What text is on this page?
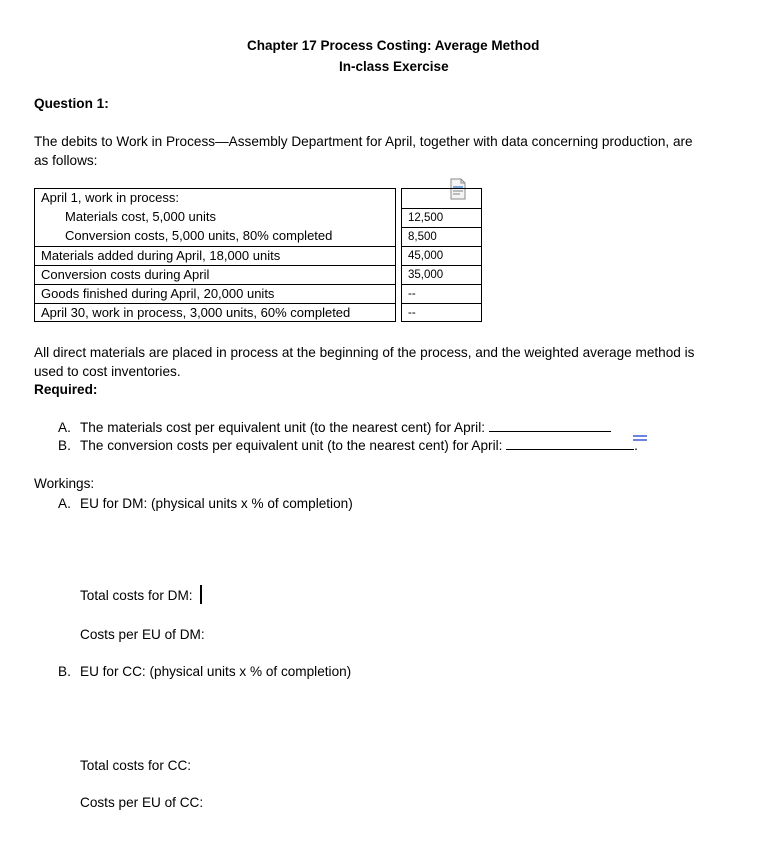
Chapter 17 Process Costing: Average Method
In-class Exercise
Question 1:
The debits to Work in Process—Assembly Department for April, together with data concerning production, are
as follows:
April 1, work in process:
Materials cost, 5,000 units
Conversion costs, 5,000 units, 80% completed
Materials added during April, 18,000 units
Conversion costs during April
Goods finished during April, 20,000 units
April 30, work in process, 3,000 units, 60% completed
12,500
8,500
45,000
35,000
--
--
All direct materials are placed in process at the beginning of the process, and the weighted average method is
used to cost inventories.
Required:
A. The materials cost per equivalent unit (to the nearest cent) for April:
B. The conversion costs per equivalent unit (to the nearest cent) for April:	.
Workings:
A. EU for DM: (physical units x % of completion)
Total costs for DM:
Costs per EU of DM:
B. EU for CC: (physical units x % of completion)
Total costs for CC:
Costs per EU of CC:
